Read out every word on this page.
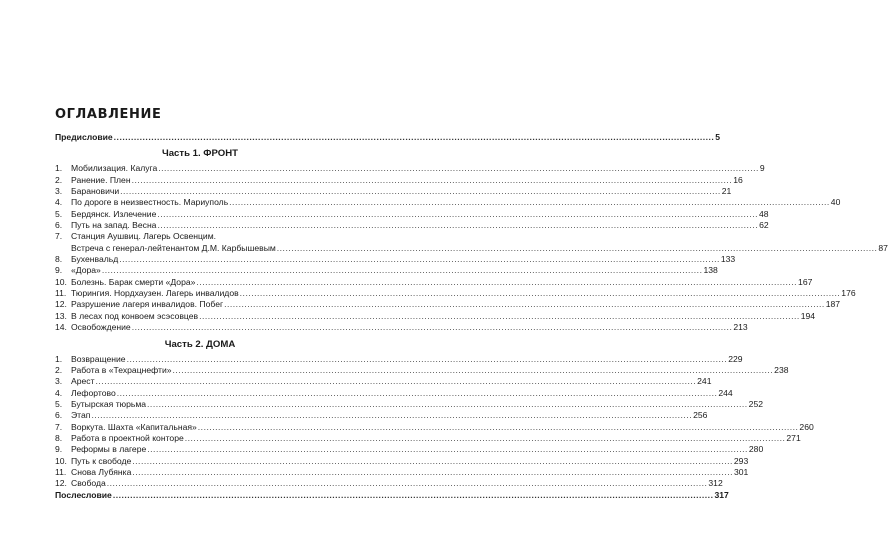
ОГЛАВЛЕНИЕ
Предисловие .....	5
Часть 1. ФРОНТ
1.	Мобилизация. Калуга .....	9
2.	Ранение. Плен .....	16
3.	Барановичи .....	21
4.	По дороге в неизвестность. Мариуполь .....	40
5.	Бердянск. Излечение .....	48
6.	Путь на запад. Весна .....	62
7.	Станция Аушвиц. Лагерь Освенцим.
Встреча с генерал-лейтенантом Д.М. Карбышевым .....	87
8.	Бухенвальд .....	133
9.	«Дора» .....	138
10. Болезнь. Барак смерти «Дора» .....	167
11. Тюрингия. Нордхаузен. Лагерь инвалидов .....	176
12. Разрушение лагеря инвалидов. Побег .....	187
13. В лесах под конвоем эсэсовцев .....	194
14. Освобождение .....	213
Часть 2. ДОМА
1.	Возвращение .....	229
2.	Работа в «Техрацнефти» .....	238
3.	Арест .....	241
4.	Лефортово .....	244
5.	Бутырская тюрьма .....	252
6.	Этап .....	256
7.	Воркута. Шахта «Капитальная» .....	260
8.	Работа в проектной конторе .....	271
9.	Реформы в лагере .....	280
10. Путь к свободе .....	293
11. Снова Лубянка .....	301
12. Свобода .....	312
Послесловие .....	317
